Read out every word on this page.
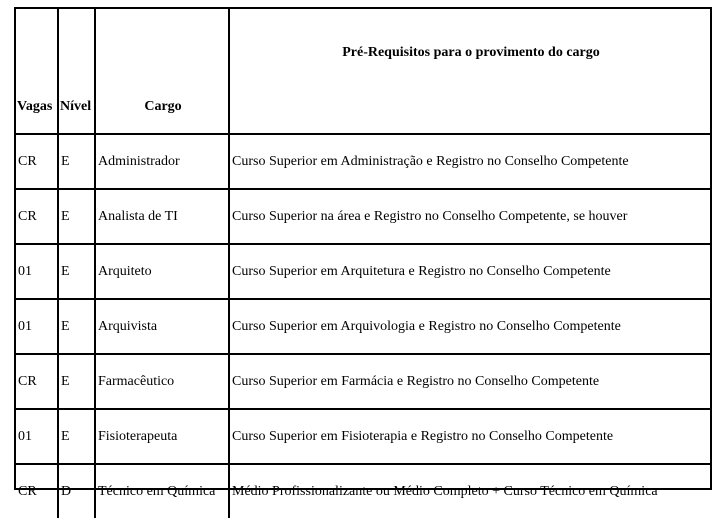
Vagas	Nível	Cargo	Pré-Requisitos para o provimento do cargo
CR	E	Administrador	Curso Superior em Administração e Registro no Conselho Competente
CR	E	Analista de TI	Curso Superior na área e Registro no Conselho Competente, se houver
01	E	Arquiteto	Curso Superior em Arquitetura e Registro no Conselho Competente
01	E	Arquivista	Curso Superior em Arquivologia e Registro no Conselho Competente
CR	E	Farmacêutico	Curso Superior em Farmácia e Registro no Conselho Competente
01	E	Fisioterapeuta	Curso Superior em Fisioterapia e Registro no Conselho Competente
CR	D	Técnico em Química	Médio Profissionalizante ou Médio Completo + Curso Técnico em Química
